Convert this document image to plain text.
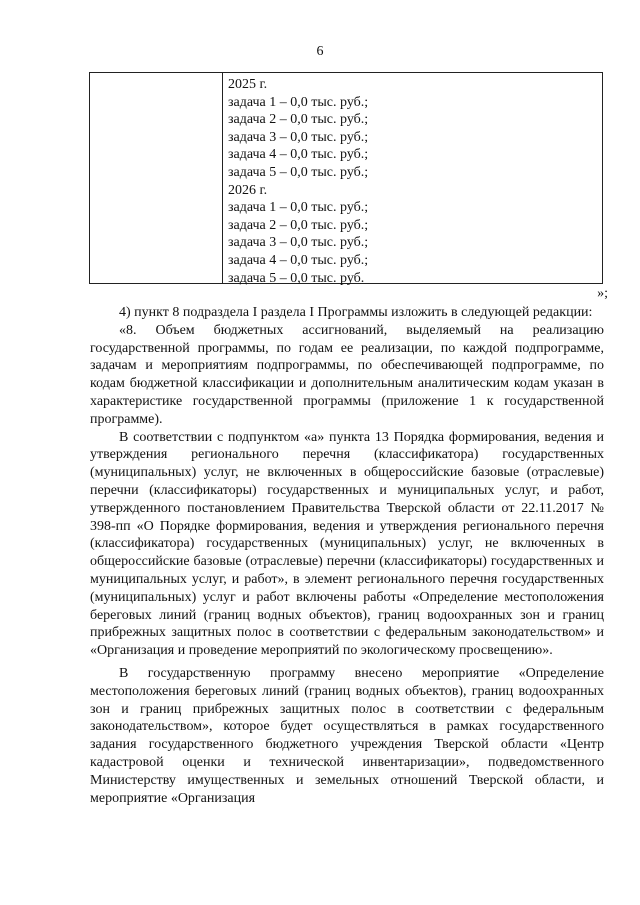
6
2025 г.
задача 1 – 0,0 тыс. руб.;
задача 2 – 0,0 тыс. руб.;
задача 3 – 0,0 тыс. руб.;
задача 4 – 0,0 тыс. руб.;
задача 5 – 0,0 тыс. руб.;
2026 г.
задача 1 – 0,0 тыс. руб.;
задача 2 – 0,0 тыс. руб.;
задача 3 – 0,0 тыс. руб.;
задача 4 – 0,0 тыс. руб.;
задача 5 – 0,0 тыс. руб.
»;

4) пункт 8 подраздела I раздела I Программы изложить в следующей редакции:

«8. Объем бюджетных ассигнований, выделяемый на реализацию государственной программы, по годам ее реализации, по каждой подпрограмме, задачам и мероприятиям подпрограммы, по обеспечивающей подпрограмме, по кодам бюджетной классификации и дополнительным аналитическим кодам указан в характеристике государственной программы (приложение 1 к государственной программе).

В соответствии с подпунктом «а» пункта 13 Порядка формирования, ведения и утверждения регионального перечня (классификатора) государственных (муниципальных) услуг, не включенных в общероссийские базовые (отраслевые) перечни (классификаторы) государственных и муниципальных услуг, и работ, утвержденного постановлением Правительства Тверской области от 22.11.2017 № 398-пп «О Порядке формирования, ведения и утверждения регионального перечня (классификатора) государственных (муниципальных) услуг, не включенных в общероссийские базовые (отраслевые) перечни (классификаторы) государственных и муниципальных услуг, и работ», в элемент регионального перечня государственных (муниципальных) услуг и работ включены работы «Определение местоположения береговых линий (границ водных объектов), границ водоохранных зон и границ прибрежных защитных полос в соответствии с федеральным законодательством» и «Организация и проведение мероприятий по экологическому просвещению».

В государственную программу внесено мероприятие «Определение местоположения береговых линий (границ водных объектов), границ водоохранных зон и границ прибрежных защитных полос в соответствии с федеральным законодательством», которое будет осуществляться в рамках государственного задания государственного бюджетного учреждения Тверской области «Центр кадастровой оценки и технической инвентаризации», подведомственного Министерству имущественных и земельных отношений Тверской области, и мероприятие «Организация
